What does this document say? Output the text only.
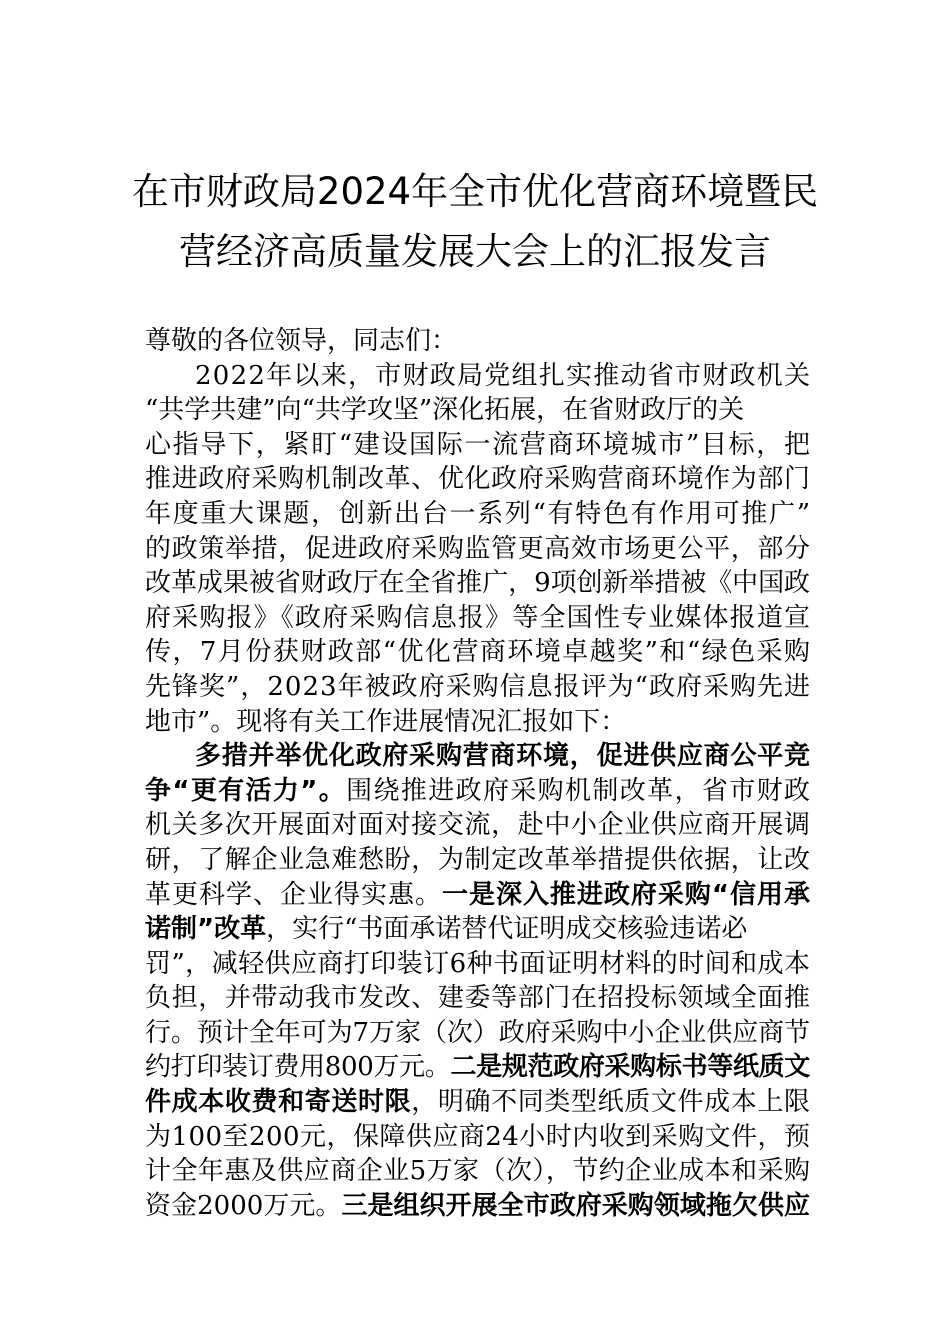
在市财政局2024年全市优化营商环境暨民
营经济高质量发展大会上的汇报发言
尊敬的各位领导，同志们：
2022年以来，市财政局党组扎实推动省市财政机关
“共学共建”向“共学攻坚”深化拓展，在省财政厅的关
心指导下，紧盯“建设国际一流营商环境城市”目标，把
推进政府采购机制改革、优化政府采购营商环境作为部门
年度重大课题，创新出台一系列“有特色有作用可推广”
的政策举措，促进政府采购监管更高效市场更公平，部分
改革成果被省财政厅在全省推广，9项创新举措被《中国政
府采购报》《政府采购信息报》等全国性专业媒体报道宣
传，7月份获财政部“优化营商环境卓越奖”和“绿色采购
先锋奖”，2023年被政府采购信息报评为“政府采购先进
地市”。现将有关工作进展情况汇报如下：
多措并举优化政府采购营商环境，促进供应商公平竞
争“更有活力”。围绕推进政府采购机制改革，省市财政
机关多次开展面对面对接交流，赴中小企业供应商开展调
研，了解企业急难愁盼，为制定改革举措提供依据，让改
革更科学、企业得实惠。一是深入推进政府采购“信用承
诺制”改革，实行“书面承诺替代证明成交核验违诺必
罚”，减轻供应商打印装订6种书面证明材料的时间和成本
负担，并带动我市发改、建委等部门在招投标领域全面推
行。预计全年可为7万家（次）政府采购中小企业供应商节
约打印装订费用800万元。二是规范政府采购标书等纸质文
件成本收费和寄送时限，明确不同类型纸质文件成本上限
为100至200元，保障供应商24小时内收到采购文件，预
计全年惠及供应商企业5万家（次），节约企业成本和采购
资金2000万元。三是组织开展全市政府采购领域拖欠供应
